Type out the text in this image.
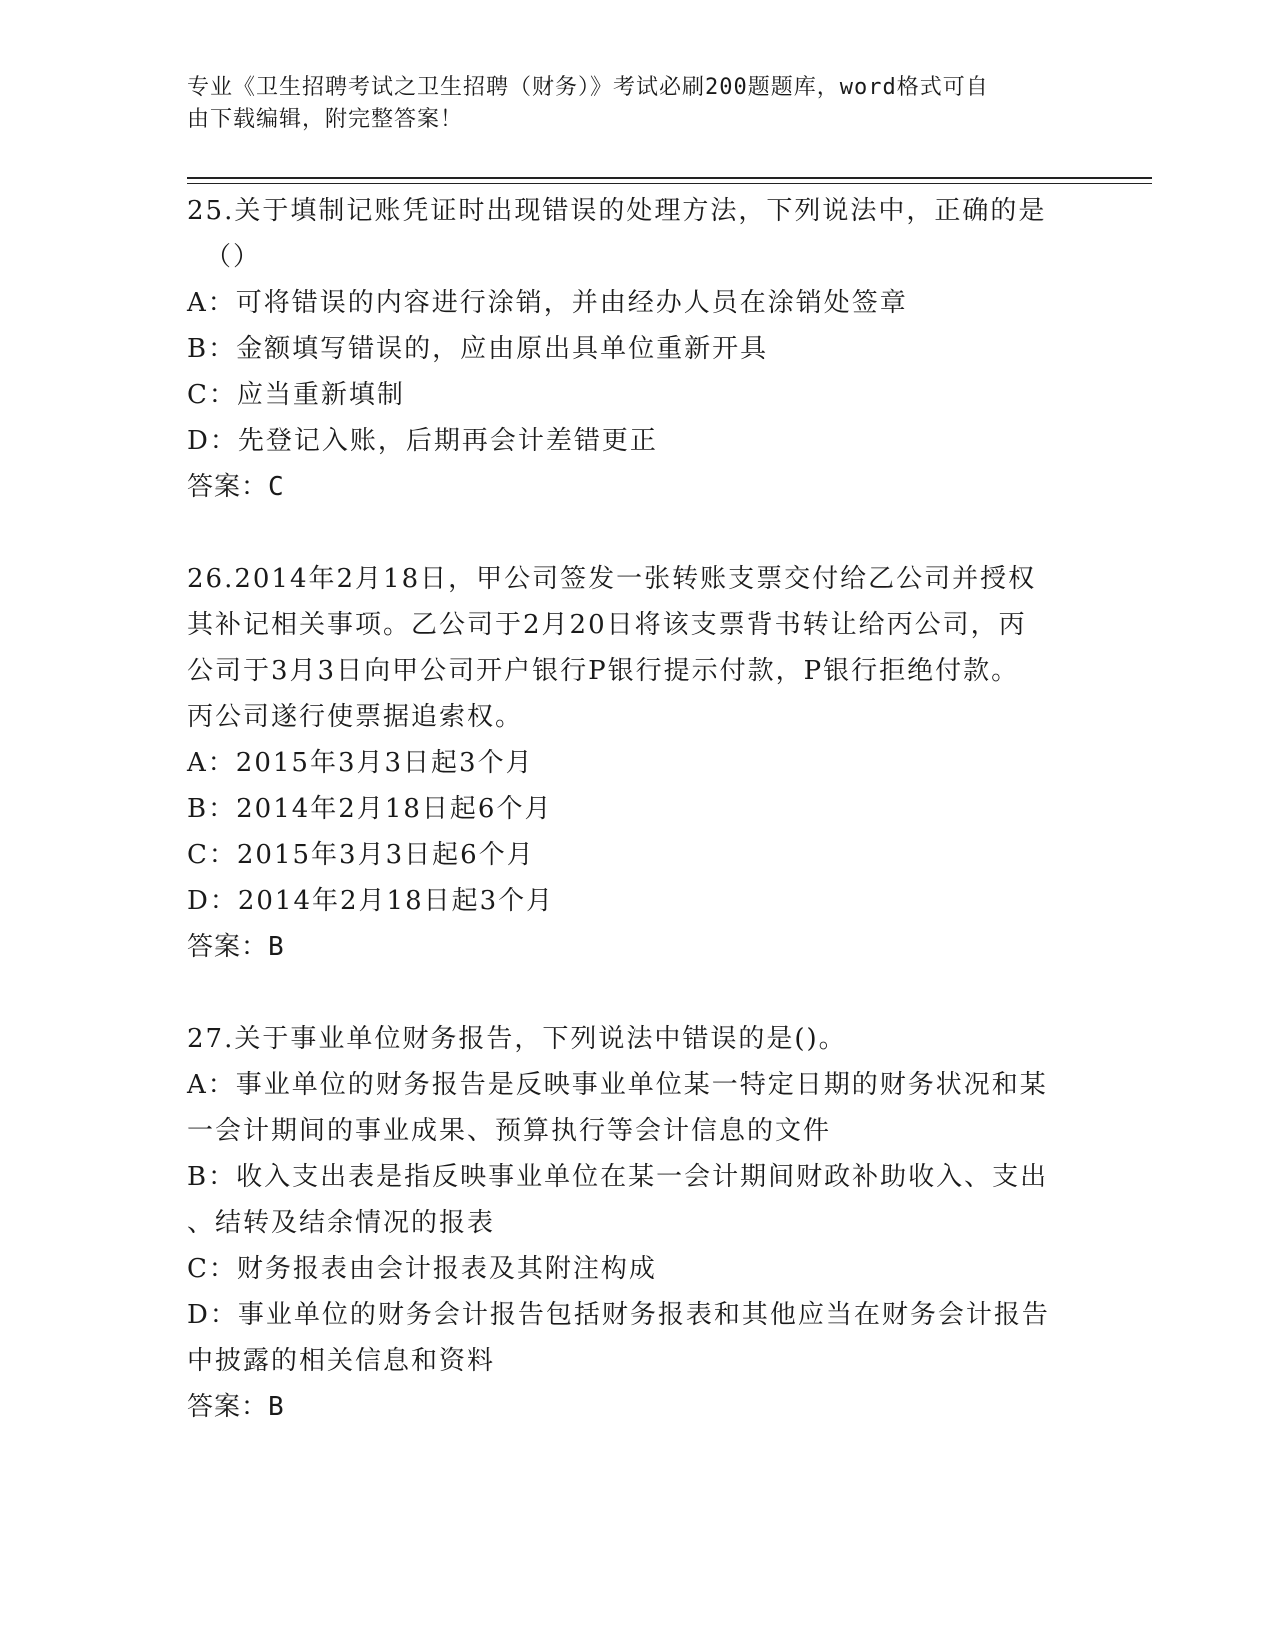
专业《卫生招聘考试之卫生招聘（财务）》考试必刷200题题库，word格式可自
由下载编辑，附完整答案！
25.关于填制记账凭证时出现错误的处理方法，下列说法中，正确的是
（）
A：可将错误的内容进行涂销，并由经办人员在涂销处签章
B：金额填写错误的，应由原出具单位重新开具
C：应当重新填制
D：先登记入账，后期再会计差错更正
答案：C
26.2014年2月18日，甲公司签发一张转账支票交付给乙公司并授权
其补记相关事项。乙公司于2月20日将该支票背书转让给丙公司，丙
公司于3月3日向甲公司开户银行P银行提示付款，P银行拒绝付款。
丙公司遂行使票据追索权。
A：2015年3月3日起3个月
B：2014年2月18日起6个月
C：2015年3月3日起6个月
D：2014年2月18日起3个月
答案：B
27.关于事业单位财务报告，下列说法中错误的是()。
A：事业单位的财务报告是反映事业单位某一特定日期的财务状况和某
一会计期间的事业成果、预算执行等会计信息的文件
B：收入支出表是指反映事业单位在某一会计期间财政补助收入、支出
、结转及结余情况的报表
C：财务报表由会计报表及其附注构成
D：事业单位的财务会计报告包括财务报表和其他应当在财务会计报告
中披露的相关信息和资料
答案：B
